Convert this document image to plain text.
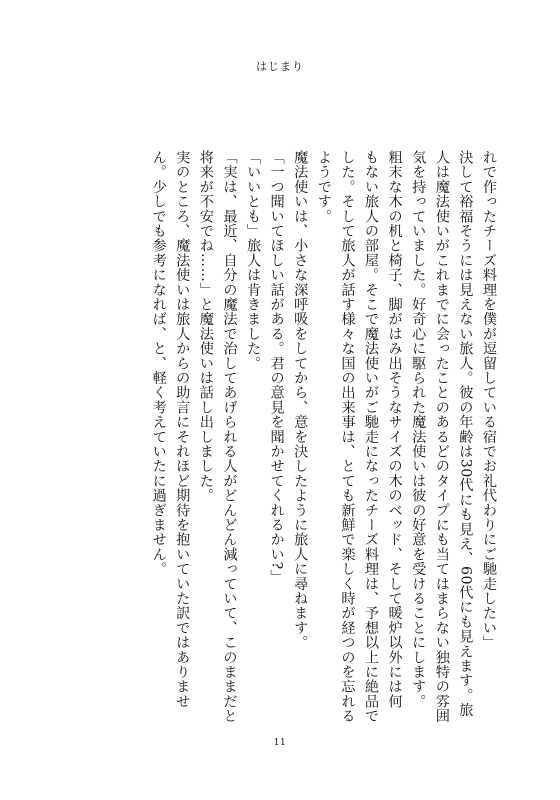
はじまり
れで作ったチーズ料理を僕が逗留している宿でお礼代わりにご馳走したい」
決して裕福そうには見えない旅人。彼の年齢は30代にも見え、60代にも見えます。旅
人は魔法使いがこれまでに会ったことのあるどのタイプにも当てはまらない独特の雰囲
気を持っていました。好奇心に駆られた魔法使いは彼の好意を受けることにします。
粗末な木の机と椅子、脚がはみ出そうなサイズの木のベッド、そして暖炉以外には何
もない旅人の部屋。そこで魔法使いがご馳走になったチーズ料理は、予想以上に絶品で
した。そして旅人が話す様々な国の出来事は、とても新鮮で楽しく時が経つのを忘れる
ようです。
魔法使いは、小さな深呼吸をしてから、意を決したように旅人に尋ねます。
「一つ聞いてほしい話がある。君の意見を聞かせてくれるかい?」
「いいとも」旅人は肯きました。
「実は、最近、自分の魔法で治してあげられる人がどんどん減っていて、このままだと
将来が不安でね……」と魔法使いは話し出しました。
実のところ、魔法使いは旅人からの助言にそれほど期待を抱いていた訳ではありませ
ん。少しでも参考になれば、と、軽く考えていたに過ぎません。
11
